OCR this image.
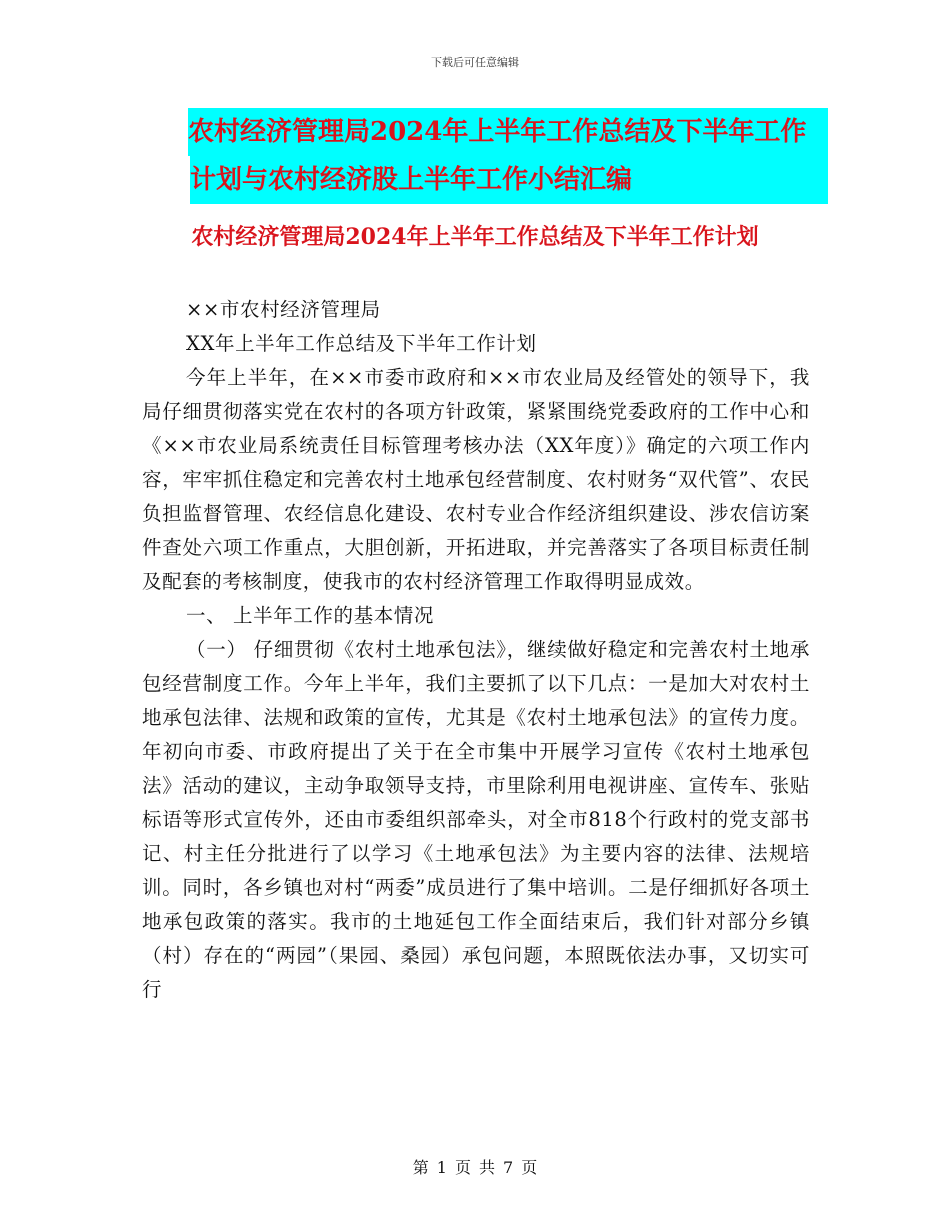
下载后可任意编辑
农村经济管理局2024年上半年工作总结及下半年工作
计划与农村经济股上半年工作小结汇编
农村经济管理局2024年上半年工作总结及下半年工作计划

××市农村经济管理局

XX年上半年工作总结及下半年工作计划

今年上半年，在××市委市政府和××市农业局及经管处的领导下，我局仔细贯彻落实党在农村的各项方针政策，紧紧围绕党委政府的工作中心和《××市农业局系统责任目标管理考核办法（XX年度）》确定的六项工作内容，牢牢抓住稳定和完善农村土地承包经营制度、农村财务“双代管”、农民负担监督管理、农经信息化建设、农村专业合作经济组织建设、涉农信访案件查处六项工作重点，大胆创新，开拓进取，并完善落实了各项目标责任制及配套的考核制度，使我市的农村经济管理工作取得明显成效。

一、 上半年工作的基本情况

（一） 仔细贯彻《农村土地承包法》，继续做好稳定和完善农村土地承包经营制度工作。今年上半年，我们主要抓了以下几点：一是加大对农村土地承包法律、法规和政策的宣传，尤其是《农村土地承包法》的宣传力度。年初向市委、市政府提出了关于在全市集中开展学习宣传《农村土地承包法》活动的建议，主动争取领导支持，市里除利用电视讲座、宣传车、张贴标语等形式宣传外，还由市委组织部牵头，对全市818个行政村的党支部书记、村主任分批进行了以学习《土地承包法》为主要内容的法律、法规培训。同时，各乡镇也对村“两委”成员进行了集中培训。二是仔细抓好各项土地承包政策的落实。我市的土地延包工作全面结束后，我们针对部分乡镇（村）存在的“两园”（果园、桑园）承包问题，本照既依法办事，又切实可行

第 1 页 共 7 页
